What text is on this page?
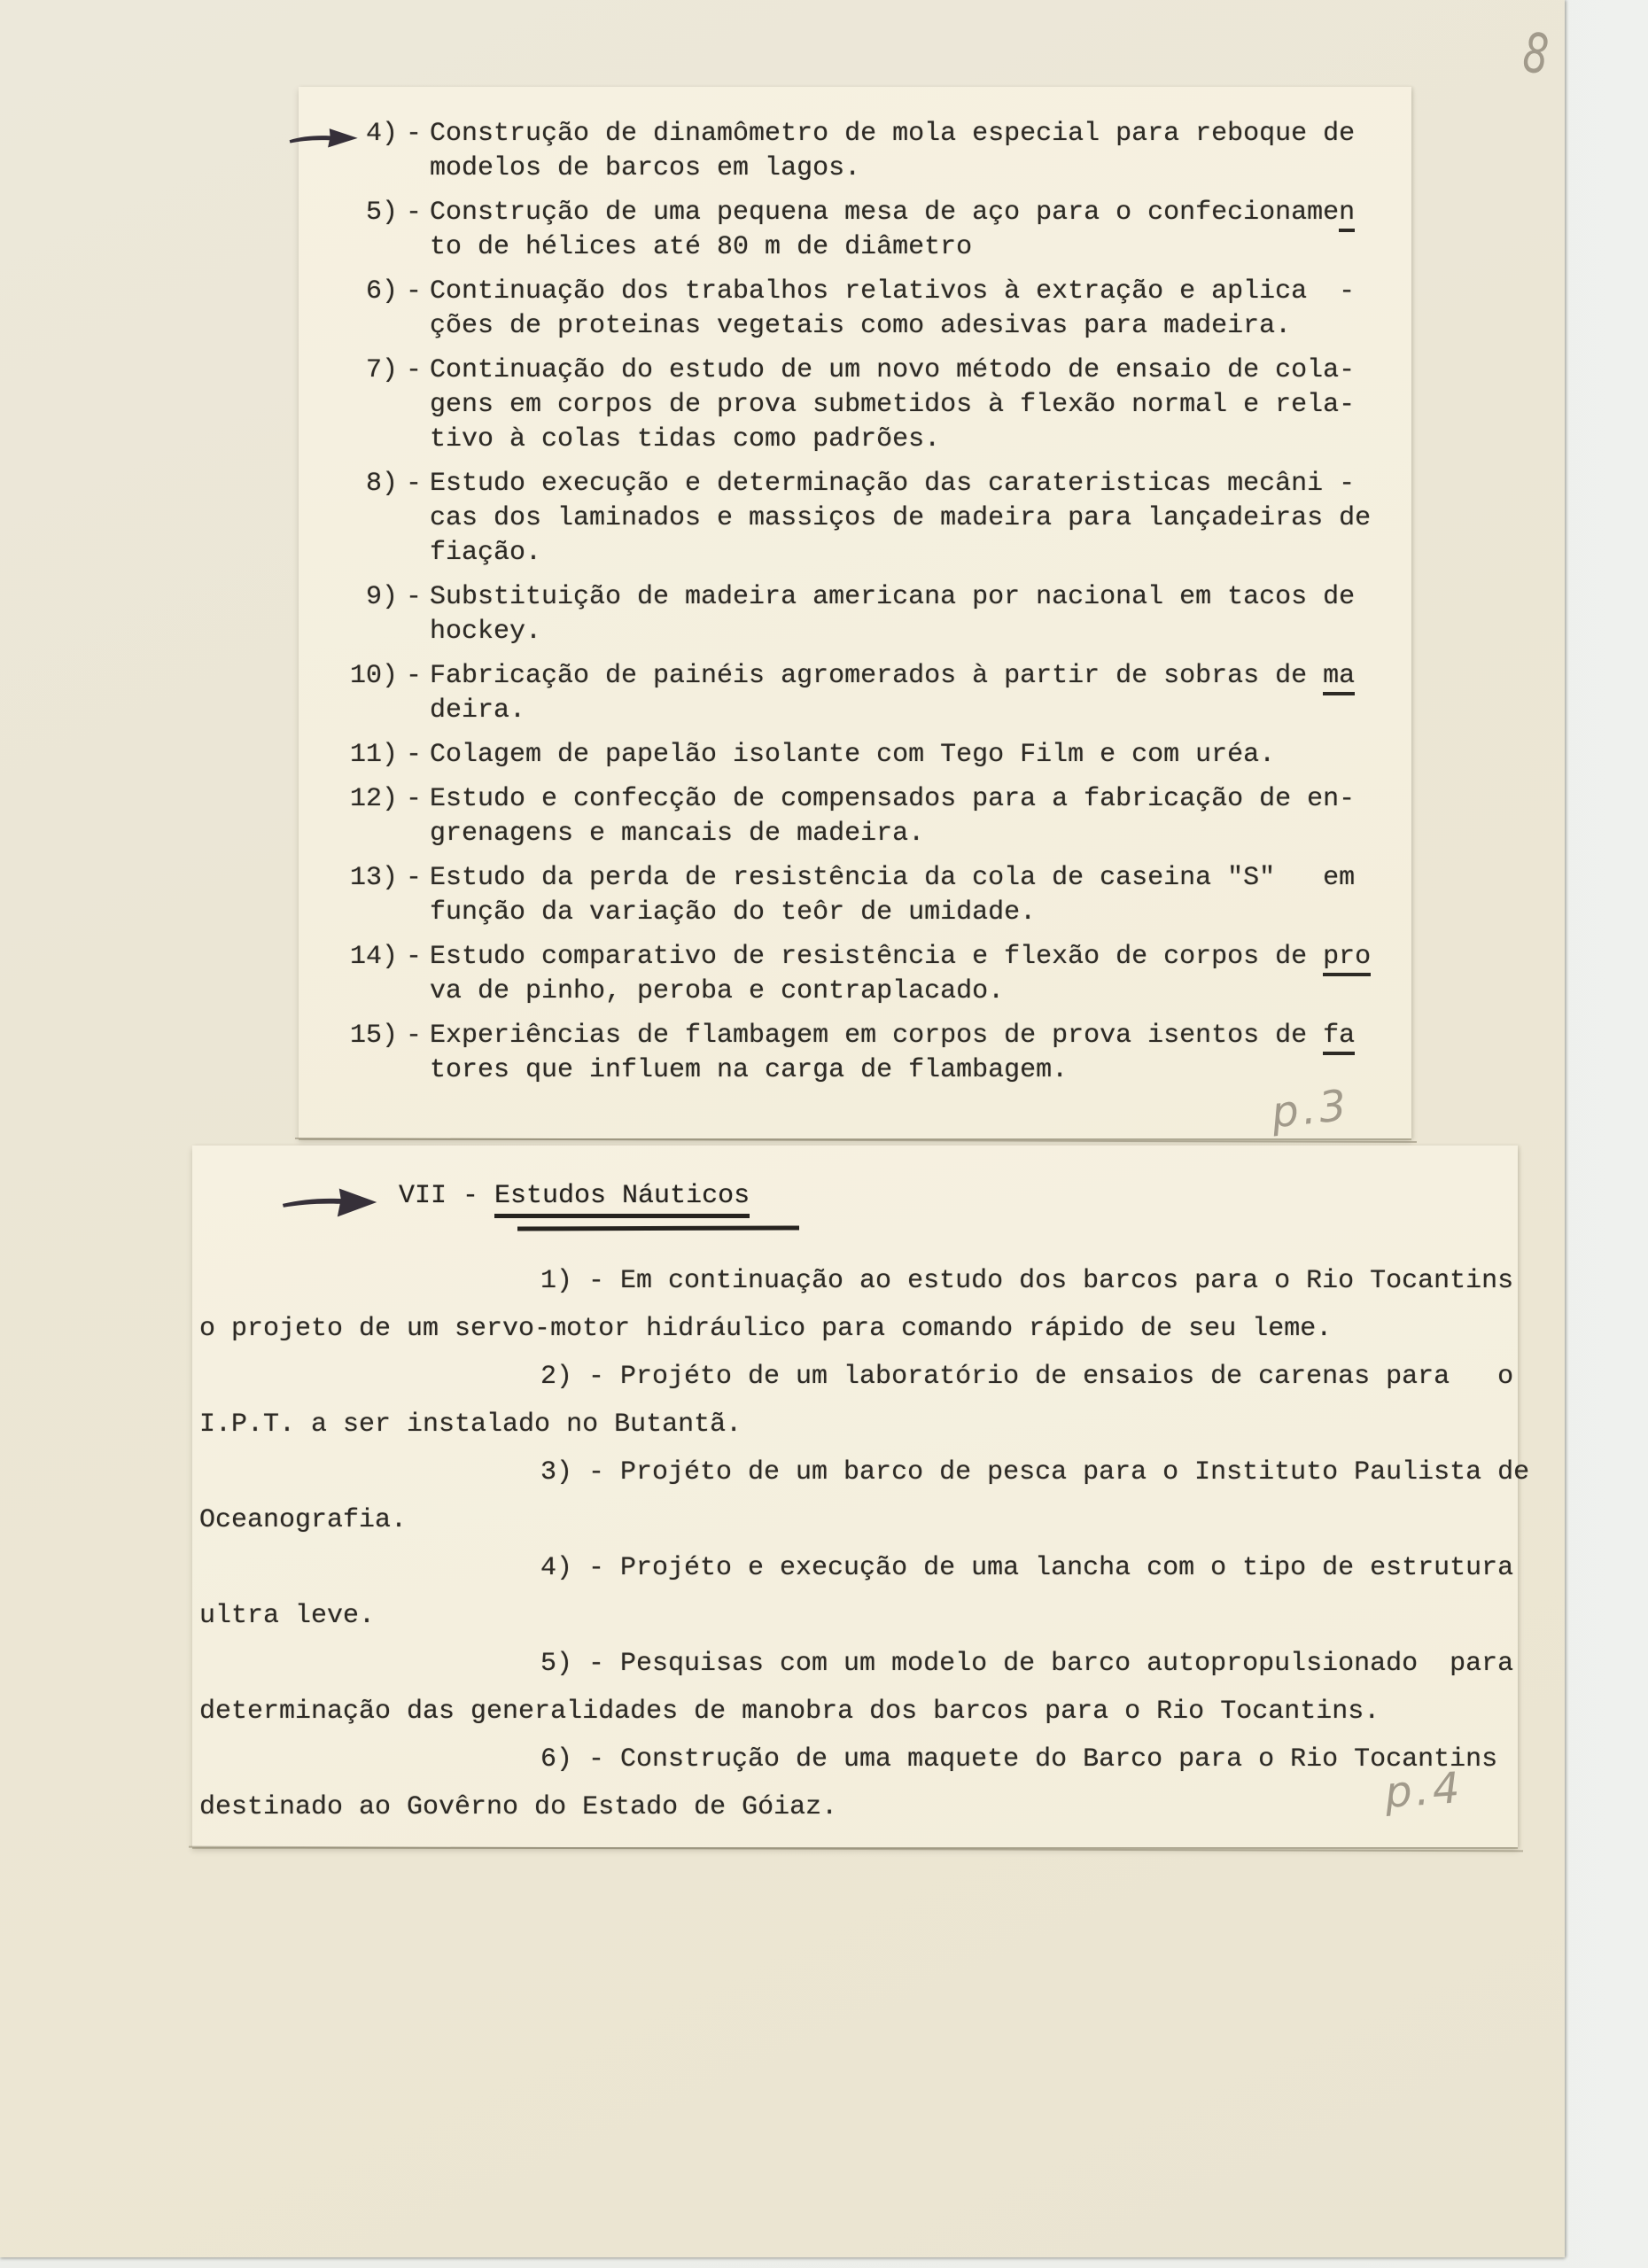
8
4) - Construção de dinamômetro de mola especial para reboque de
modelos de barcos em lagos.
5) - Construção de uma pequena mesa de aço para o confecionamen
to de hélices até 80 m de diâmetro
6) - Continuação dos trabalhos relativos à extração e aplica  -
ções de proteinas vegetais como adesivas para madeira.
7) - Continuação do estudo de um novo método de ensaio de cola-
gens em corpos de prova submetidos à flexão normal e rela-
tivo à colas tidas como padrões.
8) - Estudo execução e determinação das carateristicas mecâni -
cas dos laminados e massiços de madeira para lançadeiras de
fiação.
9) - Substituição de madeira americana por nacional em tacos de
hockey.
10) - Fabricação de painéis agromerados à partir de sobras de ma
deira.
11) - Colagem de papelão isolante com Tego Film e com uréa.
12) - Estudo e confecção de compensados para a fabricação de en-
grenagens e mancais de madeira.
13) - Estudo da perda de resistência da cola de caseina "S"   em
função da variação do teôr de umidade.
14) - Estudo comparativo de resistência e flexão de corpos de pro
va de pinho, peroba e contraplacado.
15) - Experiências de flambagem em corpos de prova isentos de fa
tores que influem na carga de flambagem.
p.3
VII - Estudos Náuticos
1) - Em continuação ao estudo dos barcos para o Rio Tocantins
o projeto de um servo-motor hidráulico para comando rápido de seu leme.
2) - Projéto de um laboratório de ensaios de carenas para   o
I.P.T. a ser instalado no Butantã.
3) - Projéto de um barco de pesca para o Instituto Paulista de
Oceanografia.
4) - Projéto e execução de uma lancha com o tipo de estrutura
ultra leve.
5) - Pesquisas com um modelo de barco autopropulsionado  para
determinação das generalidades de manobra dos barcos para o Rio Tocantins.
6) - Construção de uma maquete do Barco para o Rio Tocantins
destinado ao Govêrno do Estado de Góiaz.	p.4
